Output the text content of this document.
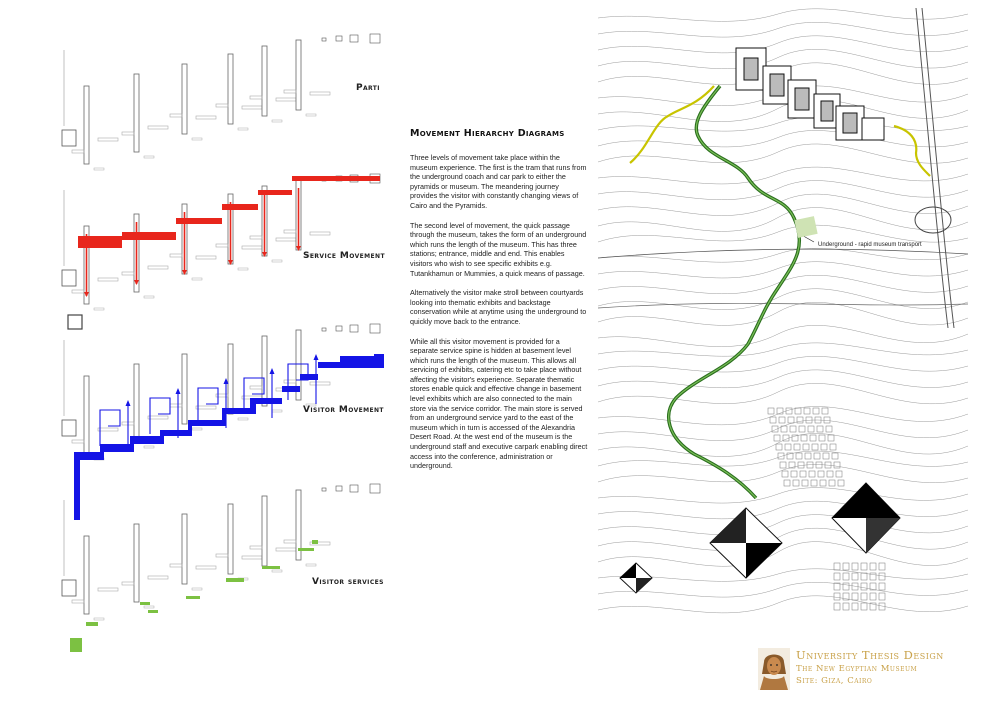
Parti
Service Movement
Visitor Movement
Visitor services
Movement Hierarchy Diagrams

Three levels of movement take place within the museum experience. The first is the tram that runs from the underground coach and car park to either the pyramids or museum. The meandering journey provides the visitor with constantly changing views of Cairo and the Pyramids.

The second level of movement, the quick passage through the museum, takes the form of an underground which runs the length of the museum. This has three stations; entrance, middle and end. This enables visitors who wish to see specific exhibits e.g. Tutankhamun or Mummies, a quick means of passage.

Alternatively the visitor make stroll between courtyards looking into thematic exhibits and backstage conservation while at anytime using the underground to quickly move back to the entrance.

While all this visitor movement is provided for a separate service spine is hidden at basement level which runs the length of the museum. This allows all servicing of exhibits, catering etc to take place without affecting the visitor's experience. Separate thematic stores enable quick and effective change in basement level exhibits which are also connected to the main store via the service corridor. The main store is served from an underground service yard to the east of the museum which in turn is accessed of the Alexandria Desert Road. At the west end of the museum is the underground staff and executive carpark enabling direct access into the conference, administration or underground.

Underground - rapid museum transport

University Thesis Design

The New Egyptian Museum

Site: Giza, Cairo
